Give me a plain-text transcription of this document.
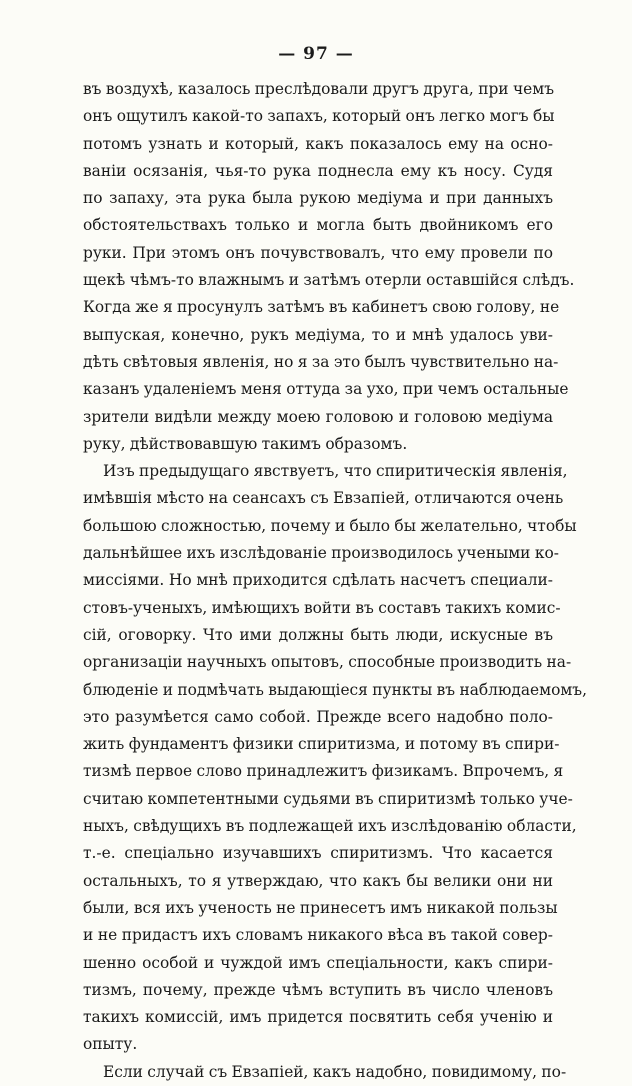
— 97 —
въ воздухѣ, казалось преслѣдовали другъ друга, при чемъ
онъ ощутилъ какой-то запахъ, который онъ легко могъ бы
потомъ узнать и который, какъ показалось ему на осно-
ваніи осязанія, чья-то рука поднесла ему къ носу. Судя
по запаху, эта рука была рукою медіума и при данныхъ
обстоятельствахъ только и могла быть двойникомъ его
руки. При этомъ онъ почувствовалъ, что ему провели по
щекѣ чѣмъ-то влажнымъ и затѣмъ отерли оставшійся слѣдъ.
Когда же я просунулъ затѣмъ въ кабинетъ свою голову, не
выпуская, конечно, рукъ медіума, то и мнѣ удалось уви-
дѣть свѣтовыя явленія, но я за это былъ чувствительно на-
казанъ удаленіемъ меня оттуда за ухо, при чемъ остальные
зрители видѣли между моею головою и головою медіума
руку, дѣйствовавшую такимъ образомъ.
Изъ предыдущаго явствуетъ, что спиритическія явленія,
имѣвшія мѣсто на сеансахъ съ Евзапіей, отличаются очень
большою сложностью, почему и было бы желательно, чтобы
дальнѣйшее ихъ изслѣдованіе производилось учеными ко-
миссіями. Но мнѣ приходится сдѣлать насчетъ специали-
стовъ-ученыхъ, имѣющихъ войти въ составъ такихъ комис-
сій, оговорку. Что ими должны быть люди, искусные въ
организаціи научныхъ опытовъ, способные производить на-
блюденіе и подмѣчать выдающіеся пункты въ наблюдаемомъ,
это разумѣется само собой. Прежде всего надобно поло-
жить фундаментъ физики спиритизма, и потому въ спири-
тизмѣ первое слово принадлежитъ физикамъ. Впрочемъ, я
считаю компетентными судьями въ спиритизмѣ только уче-
ныхъ, свѣдущихъ въ подлежащей ихъ изслѣдованію области,
т.-е. спеціально изучавшихъ спиритизмъ. Что касается
остальныхъ, то я утверждаю, что какъ бы велики они ни
были, вся ихъ ученость не принесетъ имъ никакой пользы
и не придастъ ихъ словамъ никакого вѣса въ такой совер-
шенно особой и чуждой имъ спеціальности, какъ спири-
тизмъ, почему, прежде чѣмъ вступить въ число членовъ
такихъ комиссій, имъ придется посвятить себя ученію и
опыту.
Если случай съ Евзапіей, какъ надобно, повидимому, по-
